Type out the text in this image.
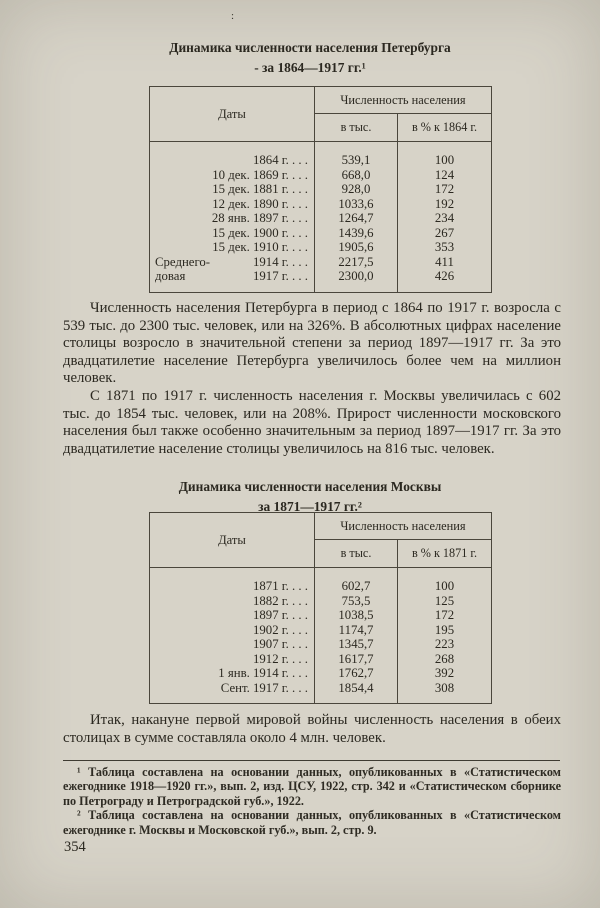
:
Динамика численности населения Петербурга
- за 1864—1917 гг.¹
Даты
Численность населения
в тыс.	в % к 1864 г.
1864 г. . . .	539,1	100
10 дек. 1869 г. . . .	668,0	124
15 дек. 1881 г. . . .	928,0	172
12 дек. 1890 г. . . .	1033,6	192
28 янв. 1897 г. . . .	1264,7	234
15 дек. 1900 г. . . .	1439,6	267
15 дек. 1910 г. . . .	1905,6	353
Среднего-	1914 г. . . .	2217,5	411
довая	1917 г. . . .	2300,0	426

Численность населения Петербурга в период с 1864 по 1917 г. возросла с 539 тыс. до 2300 тыс. человек, или на 326%. В абсолютных цифрах население столицы возросло в значительной степени за период 1897—1917 гг. За это двадцатилетие население Петербурга увеличилось более чем на миллион человек.

С 1871 по 1917 г. численность населения г. Москвы увеличилась с 602 тыс. до 1854 тыс. человек, или на 208%. Прирост численности московского населения был также особенно значительным за период 1897—1917 гг. За это двадцатилетие население столицы увеличилось на 816 тыс. человек.

Динамика численности населения Москвы
за 1871—1917 гг.²
Даты
Численность населения
в тыс.	в % к 1871 г.
1871 г. . . .	602,7	100
1882 г. . . .	753,5	125
1897 г. . . .	1038,5	172
1902 г. . . .	1174,7	195
1907 г. . . .	1345,7	223
1912 г. . . .	1617,7	268
1 янв. 1914 г. . . .	1762,7	392
Сент. 1917 г. . . .	1854,4	308

Итак, накануне первой мировой войны численность населения в обеих столицах в сумме составляла около 4 млн. человек.

¹ Таблица составлена на основании данных, опубликованных в «Статистическом ежегоднике 1918—1920 гг.», вып. 2, изд. ЦСУ, 1922, стр. 342 и «Статистическом сборнике по Петрограду и Петроградской губ.», 1922.

² Таблица составлена на основании данных, опубликованных в «Статистическом ежегоднике г. Москвы и Московской губ.», вып. 2, стр. 9.

354
